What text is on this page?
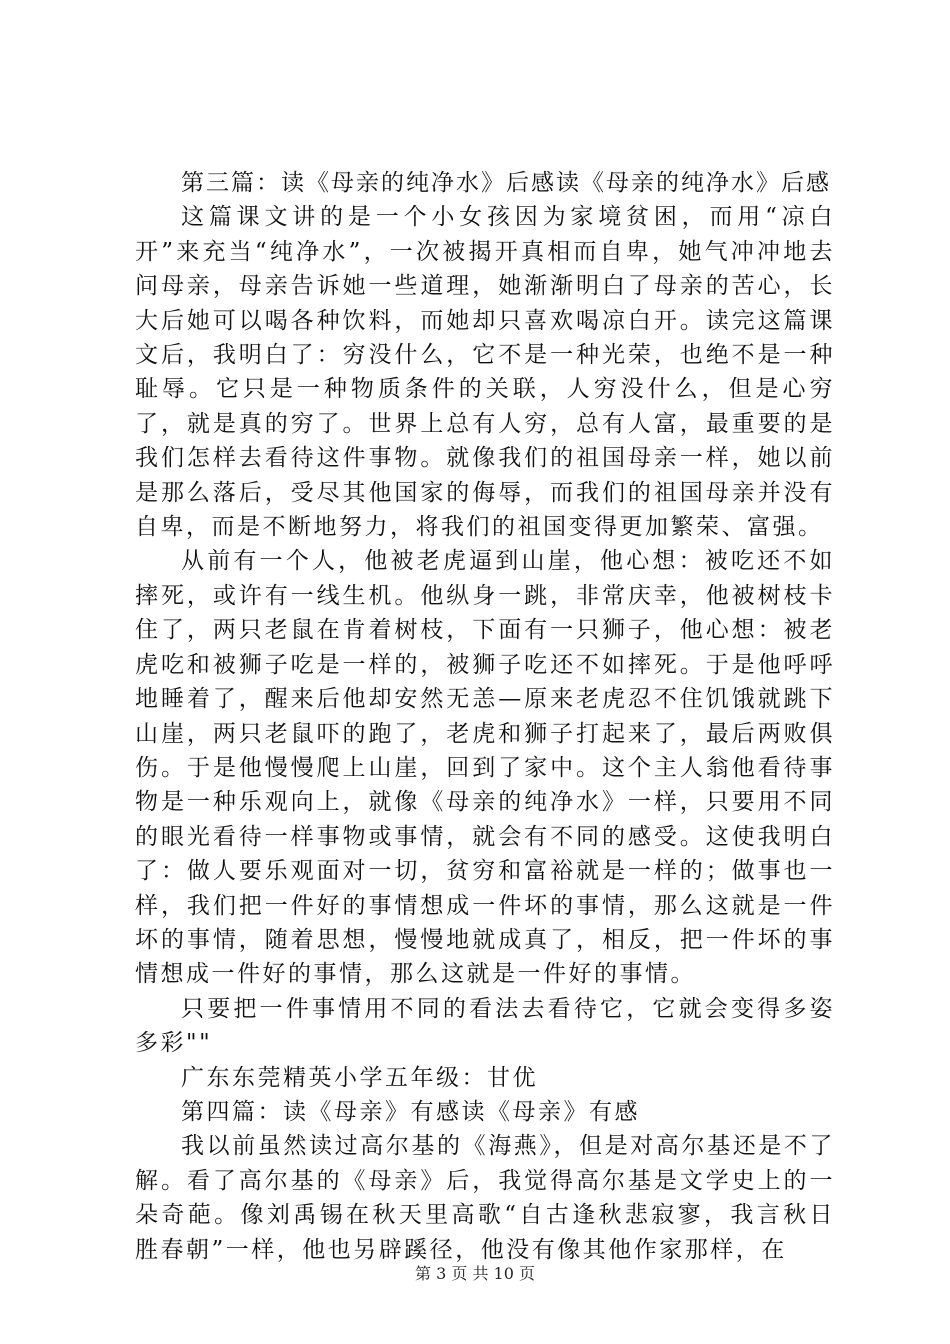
第三篇：读《母亲的纯净水》后感读《母亲的纯净水》后感

这篇课文讲的是一个小女孩因为家境贫困，而用“凉白开”来充当“纯净水”，一次被揭开真相而自卑，她气冲冲地去问母亲，母亲告诉她一些道理，她渐渐明白了母亲的苦心，长大后她可以喝各种饮料，而她却只喜欢喝凉白开。读完这篇课文后，我明白了：穷没什么，它不是一种光荣，也绝不是一种耻辱。它只是一种物质条件的关联，人穷没什么，但是心穷了，就是真的穷了。世界上总有人穷，总有人富，最重要的是我们怎样去看待这件事物。就像我们的祖国母亲一样，她以前是那么落后，受尽其他国家的侮辱，而我们的祖国母亲并没有自卑，而是不断地努力，将我们的祖国变得更加繁荣、富强。

从前有一个人，他被老虎逼到山崖，他心想：被吃还不如摔死，或许有一线生机。他纵身一跳，非常庆幸，他被树枝卡住了，两只老鼠在肯着树枝，下面有一只狮子，他心想：被老虎吃和被狮子吃是一样的，被狮子吃还不如摔死。于是他呼呼地睡着了，醒来后他却安然无恙—原来老虎忍不住饥饿就跳下山崖，两只老鼠吓的跑了，老虎和狮子打起来了，最后两败俱伤。于是他慢慢爬上山崖，回到了家中。这个主人翁他看待事物是一种乐观向上，就像《母亲的纯净水》一样，只要用不同的眼光看待一样事物或事情，就会有不同的感受。这使我明白了：做人要乐观面对一切，贫穷和富裕就是一样的；做事也一样，我们把一件好的事情想成一件坏的事情，那么这就是一件坏的事情，随着思想，慢慢地就成真了，相反，把一件坏的事情想成一件好的事情，那么这就是一件好的事情。

只要把一件事情用不同的看法去看待它，它就会变得多姿多彩""

广东东莞精英小学五年级：甘优

第四篇：读《母亲》有感读《母亲》有感

我以前虽然读过高尔基的《海燕》，但是对高尔基还是不了解。看了高尔基的《母亲》后，我觉得高尔基是文学史上的一朵奇葩。像刘禹锡在秋天里高歌“自古逢秋悲寂寥，我言秋日胜春朝”一样，他也另辟蹊径，他没有像其他作家那样，在

第 3 页 共 10 页
